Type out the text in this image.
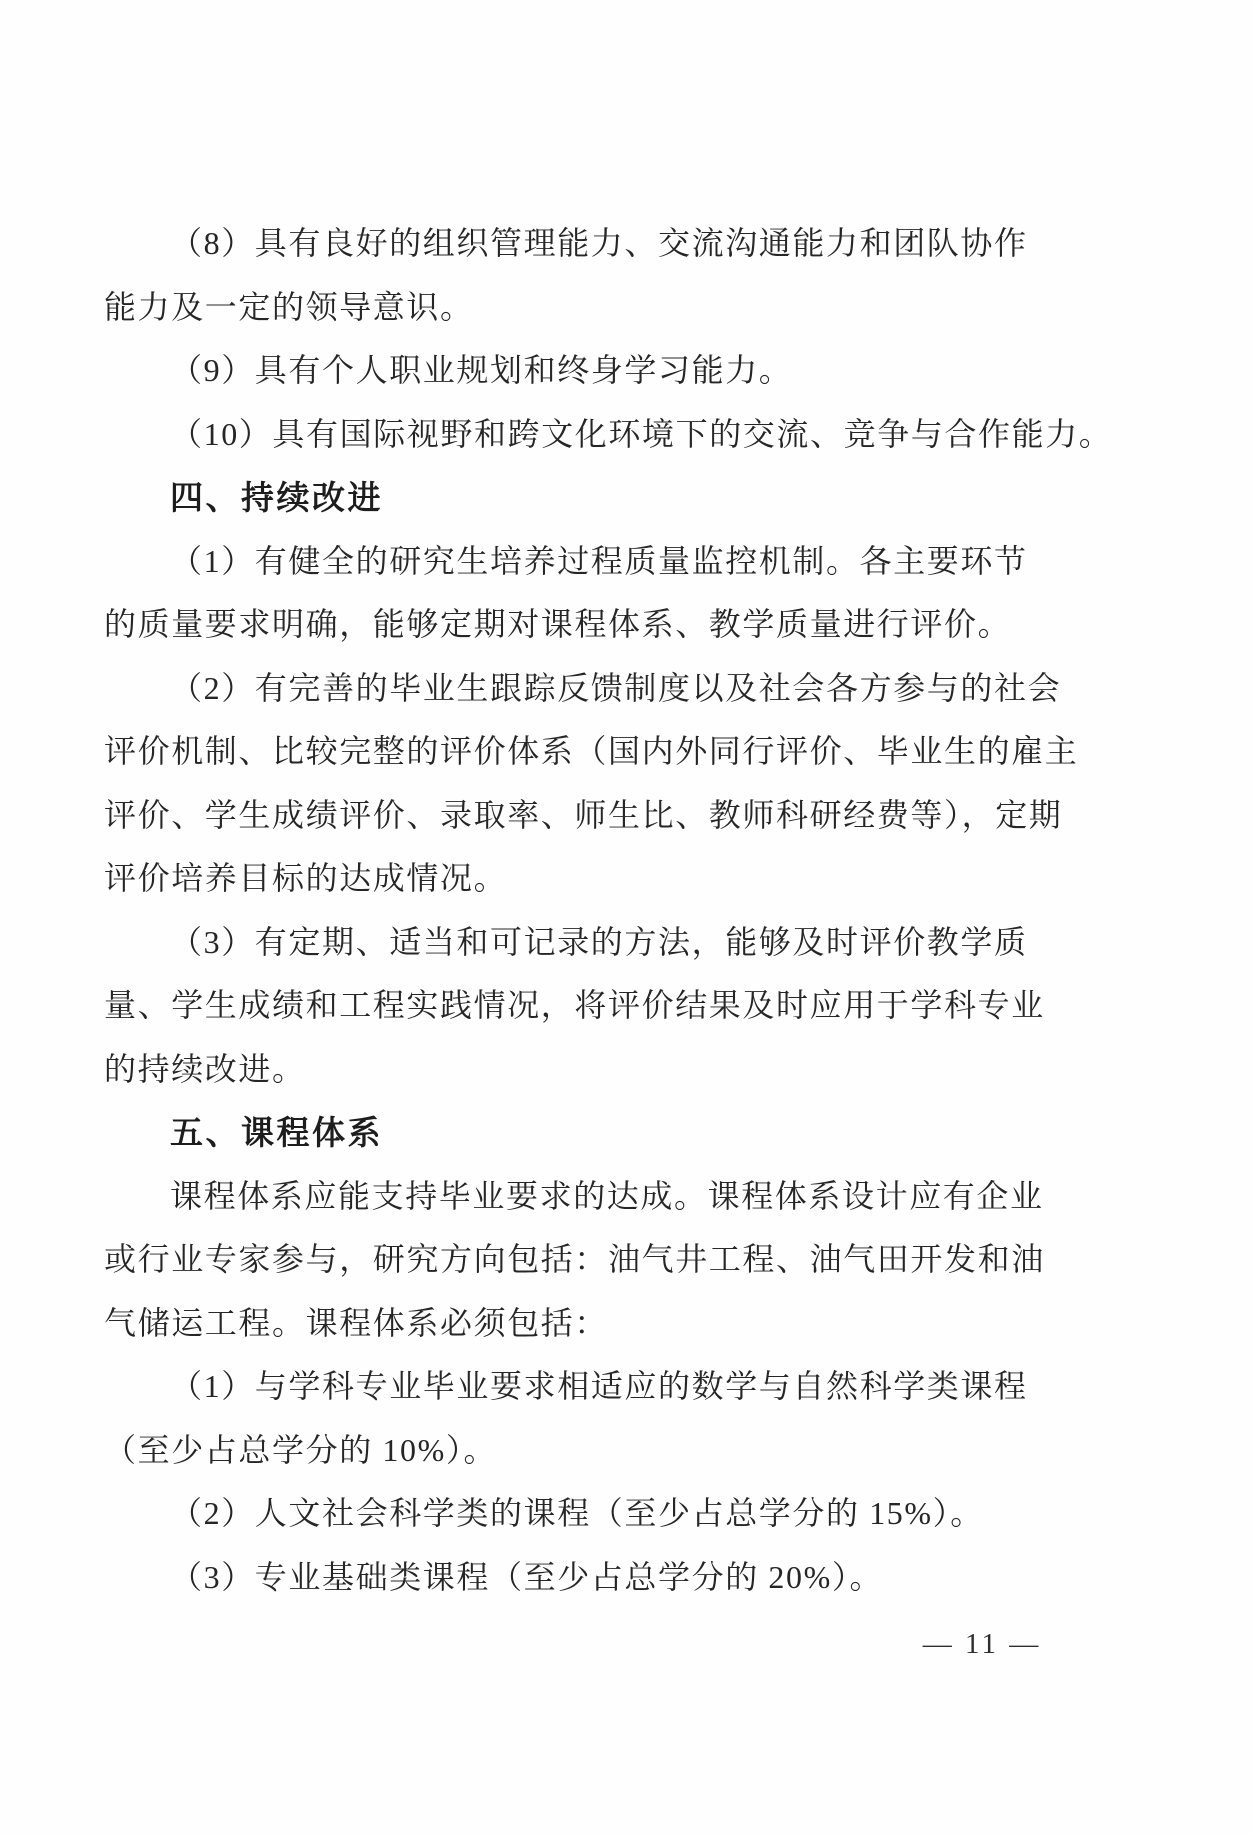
（8）具有良好的组织管理能力、交流沟通能力和团队协作

能力及一定的领导意识。

（9）具有个人职业规划和终身学习能力。

（10）具有国际视野和跨文化环境下的交流、竞争与合作能力。

四、持续改进

（1）有健全的研究生培养过程质量监控机制。各主要环节

的质量要求明确，能够定期对课程体系、教学质量进行评价。

（2）有完善的毕业生跟踪反馈制度以及社会各方参与的社会

评价机制、比较完整的评价体系（国内外同行评价、毕业生的雇主

评价、学生成绩评价、录取率、师生比、教师科研经费等），定期

评价培养目标的达成情况。

（3）有定期、适当和可记录的方法，能够及时评价教学质

量、学生成绩和工程实践情况，将评价结果及时应用于学科专业

的持续改进。

五、课程体系

课程体系应能支持毕业要求的达成。课程体系设计应有企业

或行业专家参与，研究方向包括：油气井工程、油气田开发和油

气储运工程。课程体系必须包括：

（1）与学科专业毕业要求相适应的数学与自然科学类课程

（至少占总学分的 10%）。

（2）人文社会科学类的课程（至少占总学分的 15%）。

（3）专业基础类课程（至少占总学分的 20%）。

— 11 —
